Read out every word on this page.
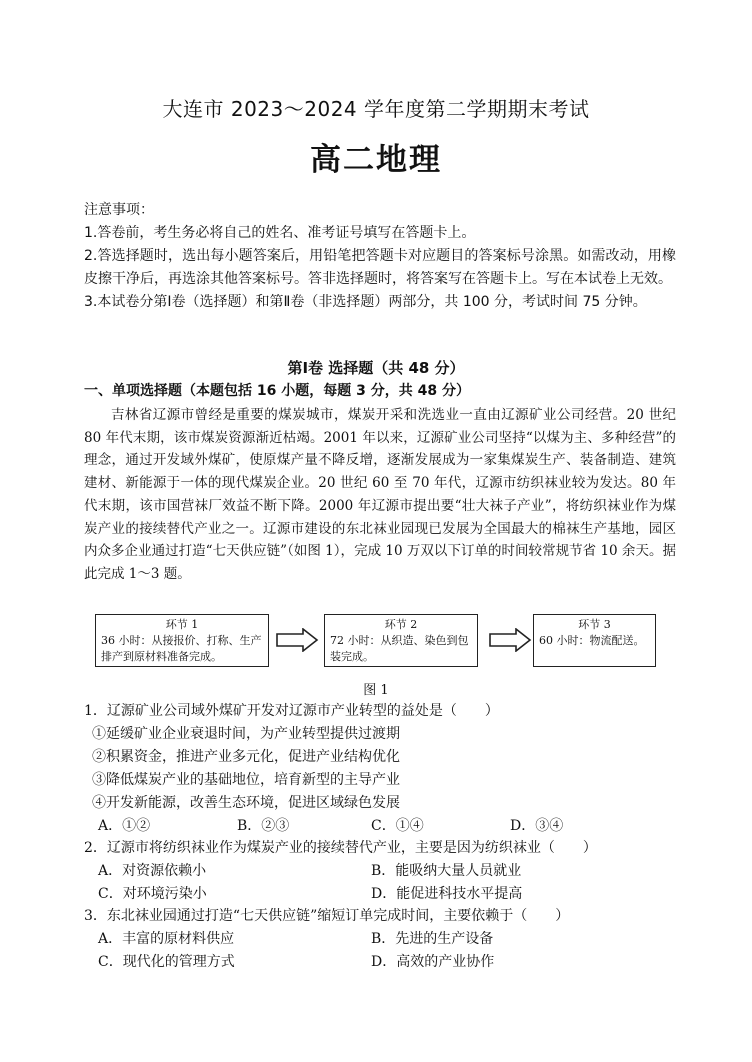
大连市 2023～2024 学年度第二学期期末考试
高二地理

注意事项：

1.答卷前，考生务必将自己的姓名、准考证号填写在答题卡上。

2.答选择题时，选出每小题答案后，用铅笔把答题卡对应题目的答案标号涂黑。如需改动，用橡皮擦干净后，再选涂其他答案标号。答非选择题时，将答案写在答题卡上。写在本试卷上无效。

3.本试卷分第Ⅰ卷（选择题）和第Ⅱ卷（非选择题）两部分，共 100 分，考试时间 75 分钟。

第Ⅰ卷 选择题（共 48 分）
一、单项选择题（本题包括 16 小题，每题 3 分，共 48 分）

吉林省辽源市曾经是重要的煤炭城市，煤炭开采和洗选业一直由辽源矿业公司经营。20 世纪 80 年代末期，该市煤炭资源渐近枯竭。2001 年以来，辽源矿业公司坚持“以煤为主、多种经营”的理念，通过开发域外煤矿，使原煤产量不降反增，逐渐发展成为一家集煤炭生产、装备制造、建筑建材、新能源于一体的现代煤炭企业。20 世纪 60 至 70 年代，辽源市纺织袜业较为发达。80 年代末期，该市国营袜厂效益不断下降。2000 年辽源市提出要“壮大袜子产业”，将纺织袜业作为煤炭产业的接续替代产业之一。辽源市建设的东北袜业园现已发展为全国最大的棉袜生产基地，园区内众多企业通过打造“七天供应链”（如图 1），完成 10 万双以下订单的时间较常规节省 10 余天。据此完成 1～3 题。

环节 1
36 小时：从接报价、打称、生产排产到原材料准备完成。
环节 2
72 小时：从织造、染色到包装完成。
环节 3
60 小时：物流配送。
图 1
1．辽源矿业公司域外煤矿开发对辽源市产业转型的益处是（　　）
①延缓矿业企业衰退时间，为产业转型提供过渡期
②积累资金，推进产业多元化，促进产业结构优化
③降低煤炭产业的基础地位，培育新型的主导产业
④开发新能源，改善生态环境，促进区域绿色发展
A．①②	B．②③	C．①④	D．③④
2．辽源市将纺织袜业作为煤炭产业的接续替代产业，主要是因为纺织袜业（　　）
A．对资源依赖小	B．能吸纳大量人员就业
C．对环境污染小	D．能促进科技水平提高
3．东北袜业园通过打造“七天供应链”缩短订单完成时间，主要依赖于（　　）
A．丰富的原材料供应	B．先进的生产设备
C．现代化的管理方式	D．高效的产业协作
